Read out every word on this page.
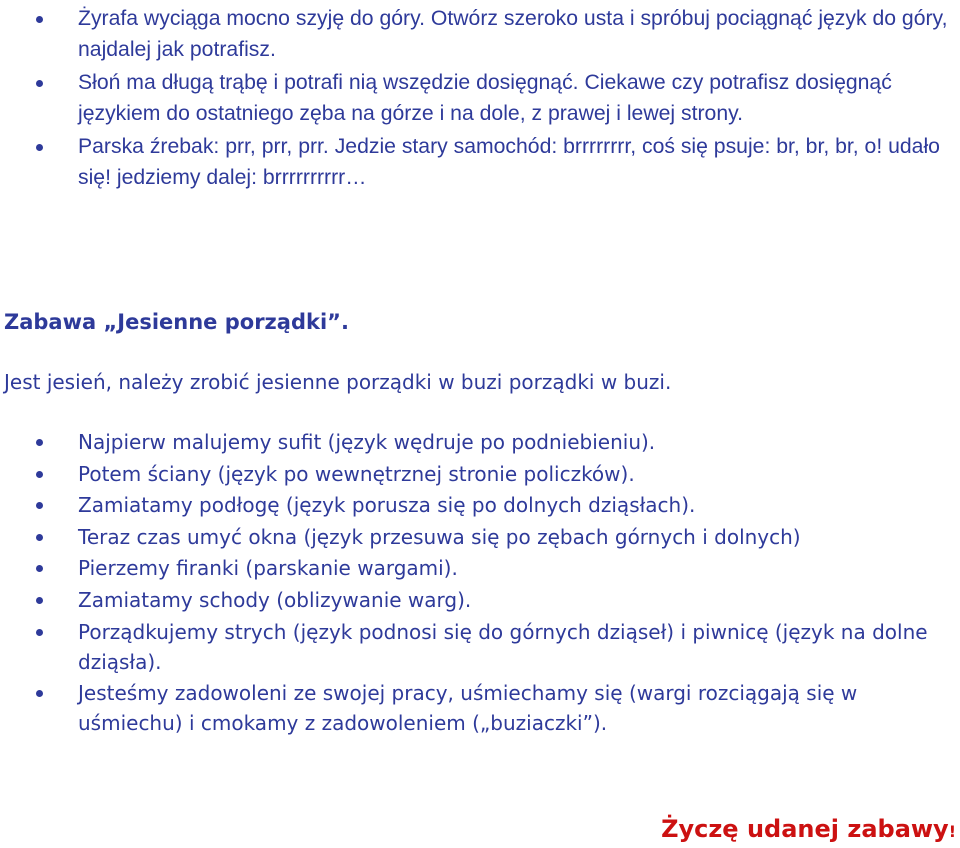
Żyrafa wyciąga mocno szyję do góry. Otwórz szeroko usta i spróbuj pociągnąć język do góry, najdalej jak potrafisz.
Słoń ma długą trąbę i potrafi nią wszędzie dosięgnąć. Ciekawe czy potrafisz dosięgnąć językiem do ostatniego zęba na górze i na dole, z prawej i lewej strony.
Parska źrebak: prr, prr, prr. Jedzie stary samochód: brrrrrrrr, coś się psuje: br, br, br, o! udało się! jedziemy dalej: brrrrrrrrrr…
Zabawa „Jesienne porządki”.

Jest jesień, należy zrobić jesienne porządki w buzi porządki w buzi.

Najpierw malujemy sufit (język wędruje po podniebieniu).
Potem ściany (język po wewnętrznej stronie policzków).
Zamiatamy podłogę (język porusza się po dolnych dziąsłach).
Teraz czas umyć okna (język przesuwa się po zębach górnych i dolnych)
Pierzemy firanki (parskanie wargami).
Zamiatamy schody (oblizywanie warg).
Porządkujemy strych (język podnosi się do górnych dziąseł) i piwnicę (język na dolne dziąsła).
Jesteśmy zadowoleni ze swojej pracy, uśmiechamy się (wargi rozciągają się w uśmiechu) i cmokamy z zadowoleniem („buziaczki”).

Życzę udanej zabawy!
